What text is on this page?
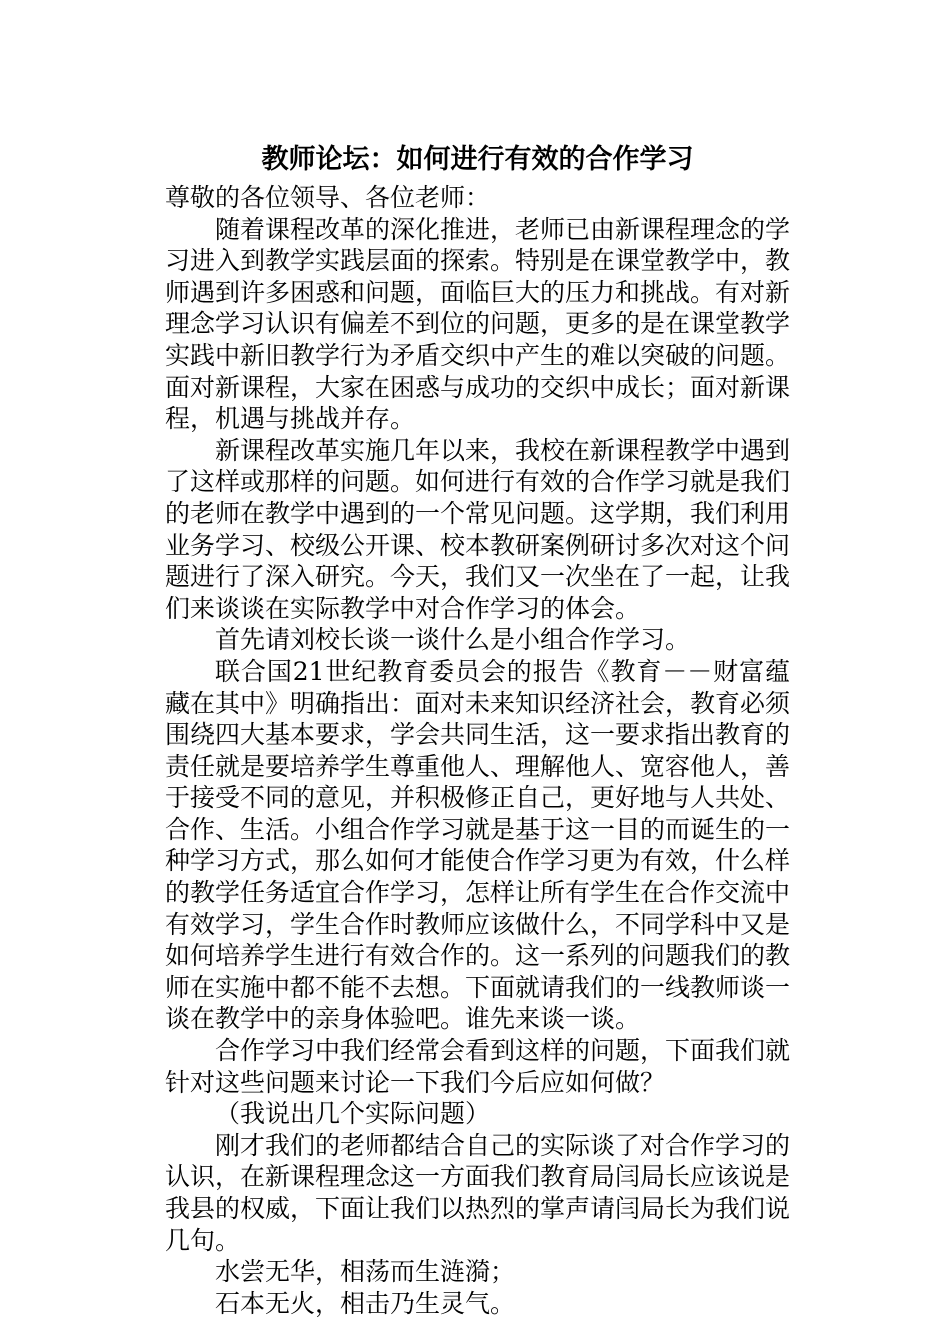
教师论坛：如何进行有效的合作学习

尊敬的各位领导、各位老师：

随着课程改革的深化推进，老师已由新课程理念的学习进入到教学实践层面的探索。特别是在课堂教学中，教师遇到许多困惑和问题，面临巨大的压力和挑战。有对新理念学习认识有偏差不到位的问题，更多的是在课堂教学实践中新旧教学行为矛盾交织中产生的难以突破的问题。面对新课程，大家在困惑与成功的交织中成长；面对新课程，机遇与挑战并存。

新课程改革实施几年以来，我校在新课程教学中遇到了这样或那样的问题。如何进行有效的合作学习就是我们的老师在教学中遇到的一个常见问题。这学期，我们利用业务学习、校级公开课、校本教研案例研讨多次对这个问题进行了深入研究。今天，我们又一次坐在了一起，让我们来谈谈在实际教学中对合作学习的体会。

首先请刘校长谈一谈什么是小组合作学习。

联合国21世纪教育委员会的报告《教育－－财富蕴藏在其中》明确指出：面对未来知识经济社会，教育必须围绕四大基本要求，学会共同生活，这一要求指出教育的责任就是要培养学生尊重他人、理解他人、宽容他人，善于接受不同的意见，并积极修正自己，更好地与人共处、合作、生活。小组合作学习就是基于这一目的而诞生的一种学习方式，那么如何才能使合作学习更为有效，什么样的教学任务适宜合作学习，怎样让所有学生在合作交流中有效学习，学生合作时教师应该做什么，不同学科中又是如何培养学生进行有效合作的。这一系列的问题我们的教师在实施中都不能不去想。下面就请我们的一线教师谈一谈在教学中的亲身体验吧。谁先来谈一谈。

合作学习中我们经常会看到这样的问题，下面我们就针对这些问题来讨论一下我们今后应如何做？

（我说出几个实际问题）

刚才我们的老师都结合自己的实际谈了对合作学习的认识，在新课程理念这一方面我们教育局闫局长应该说是我县的权威，下面让我们以热烈的掌声请闫局长为我们说几句。

水尝无华，相荡而生涟漪；

石本无火，相击乃生灵气。
